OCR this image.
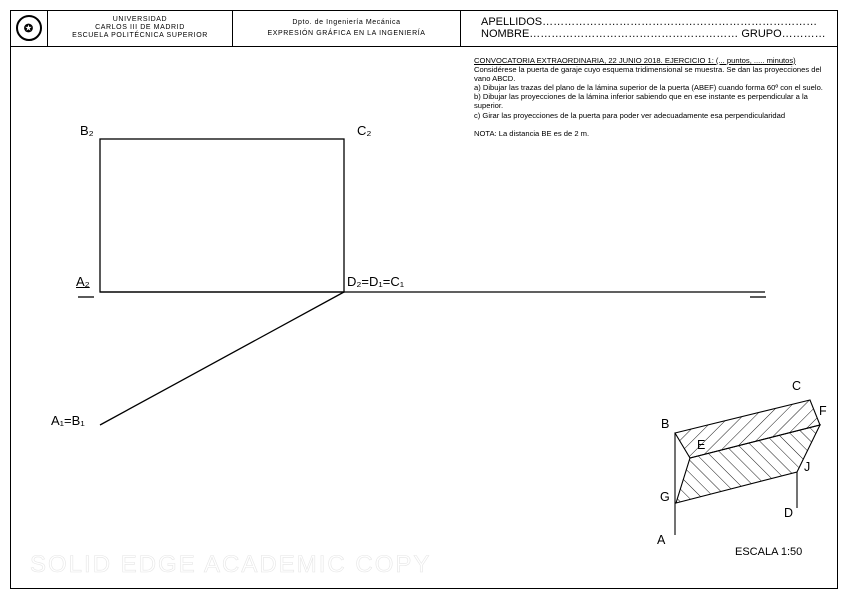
✪
UNIVERSIDAD
CARLOS III DE MADRID
ESCUELA POLITÉCNICA SUPERIOR
Dpto. de Ingeniería Mecánica
EXPRESIÓN GRÁFICA EN LA INGENIERÍA
APELLIDOS…………………………………………………………………
NOMBRE………………………………………………… GRUPO…………

CONVOCATORIA EXTRAORDINARIA, 22 JUNIO 2018. EJERCICIO 1: (... puntos, ..... minutos)

Considérese la puerta de garaje cuyo esquema tridimensional se muestra. Se dan las proyecciones del vano ABCD.

a) Dibujar las trazas del plano de la lámina superior de la puerta (ABEF) cuando forma 60º con el suelo.

b) Dibujar las proyecciones de la lámina inferior sabiendo que en ese instante es perpendicular a la superior.

c) Girar las proyecciones de la puerta para poder ver adecuadamente esa perpendicularidad

NOTA: La distancia BE es de 2 m.

B₂	C₂
A₂	D₂=D₁=C₁
A₁=B₁
C
B
F
E
J
G
D
A
ESCALA 1:50
SOLID EDGE ACADEMIC COPY
